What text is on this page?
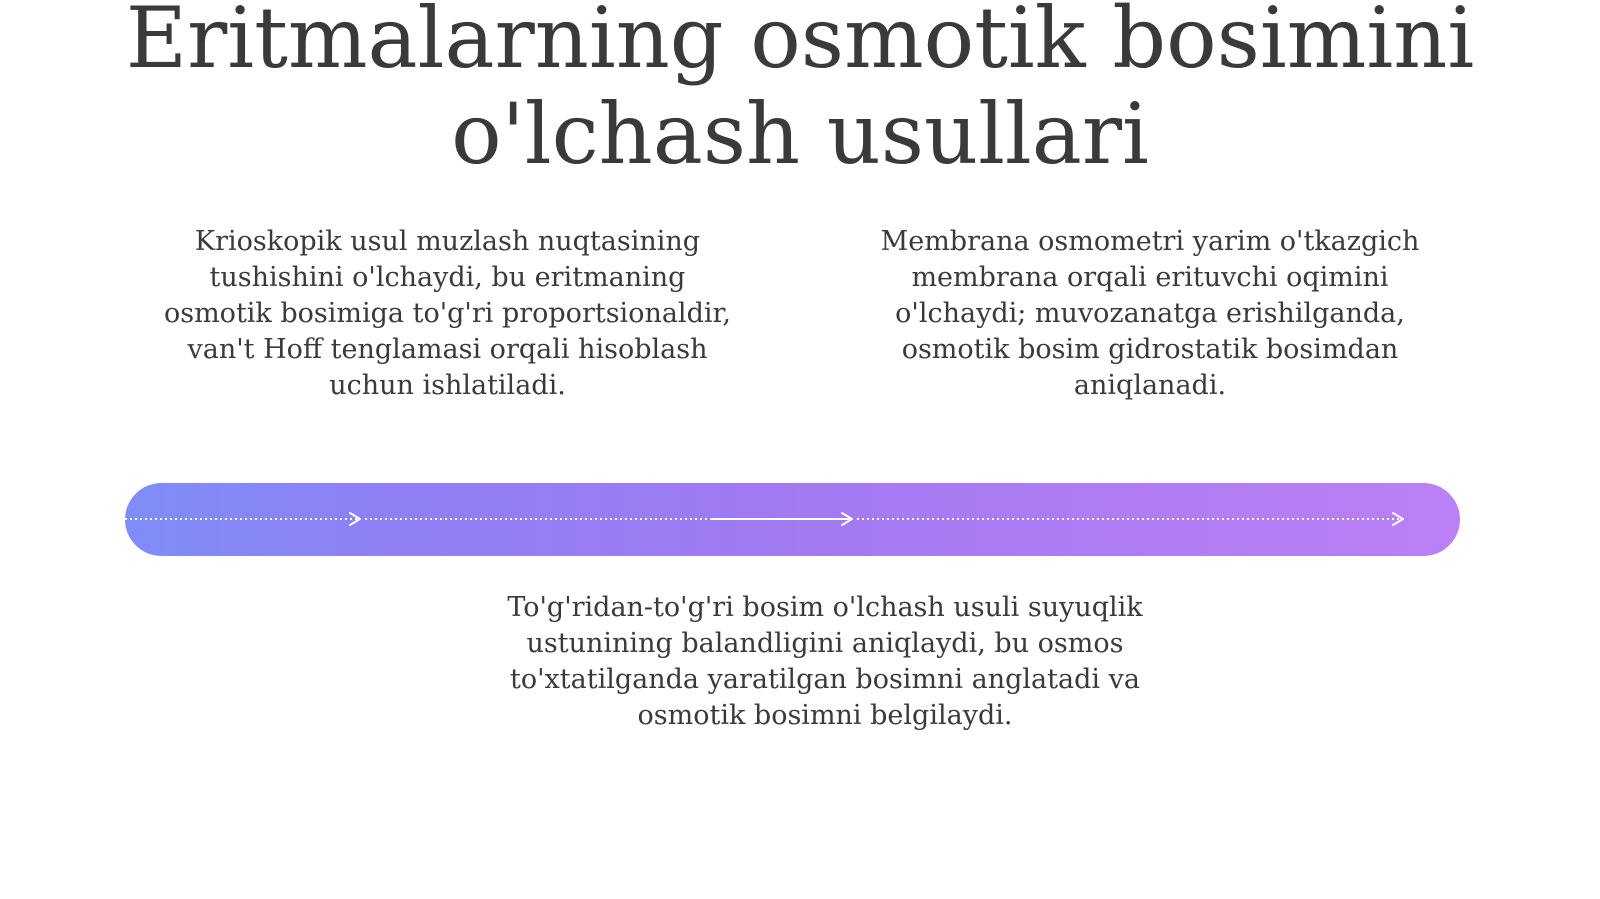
Eritmalarning osmotik bosimini o'lchash usullari

Krioskopik usul muzlash nuqtasining tushishini o'lchaydi, bu eritmaning osmotik bosimiga to'g'ri proportsionaldir, van't Hoff tenglamasi orqali hisoblash uchun ishlatiladi.

Membrana osmometri yarim o'tkazgich membrana orqali erituvchi oqimini o'lchaydi; muvozanatga erishilganda, osmotik bosim gidrostatik bosimdan aniqlanadi.

To'g'ridan-to'g'ri bosim o'lchash usuli suyuqlik ustunining balandligini aniqlaydi, bu osmos to'xtatilganda yaratilgan bosimni anglatadi va osmotik bosimni belgilaydi.
